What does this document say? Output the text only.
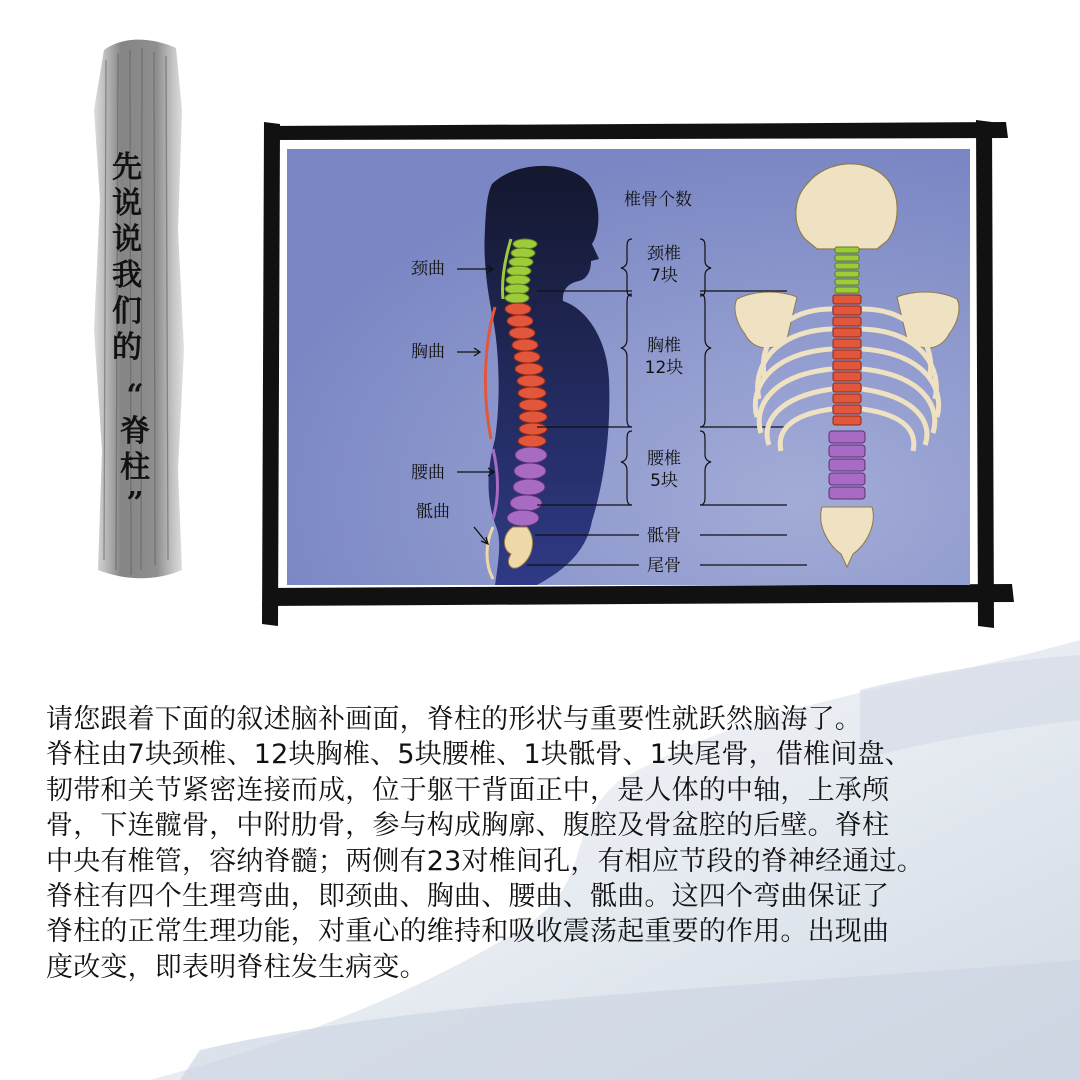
先
说
说
我
们
的
“
脊
柱
”
椎骨个数
颈曲
胸曲
腰曲
骶曲
颈椎
7块
胸椎
12块
腰椎
5块
骶骨
尾骨

请您跟着下面的叙述脑补画面，脊柱的形状与重要性就跃然脑海了。

脊柱由7块颈椎、12块胸椎、5块腰椎、1块骶骨、1块尾骨，借椎间盘、

韧带和关节紧密连接而成，位于躯干背面正中，是人体的中轴，上承颅

骨，下连髋骨，中附肋骨，参与构成胸廓、腹腔及骨盆腔的后壁。脊柱

中央有椎管，容纳脊髓；两侧有23对椎间孔，有相应节段的脊神经通过。

脊柱有四个生理弯曲，即颈曲、胸曲、腰曲、骶曲。这四个弯曲保证了

脊柱的正常生理功能，对重心的维持和吸收震荡起重要的作用。出现曲

度改变，即表明脊柱发生病变。
